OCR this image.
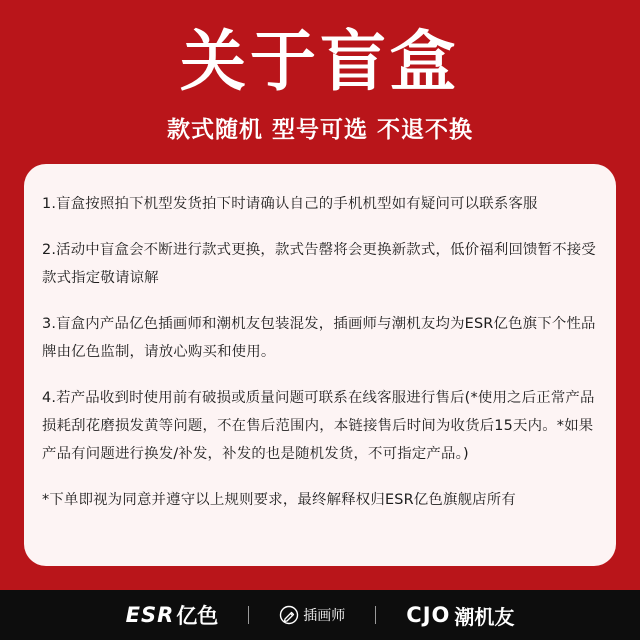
关于盲盒
款式随机 型号可选 不退不换

1.盲盒按照拍下机型发货拍下时请确认自己的手机机型如有疑问可以联系客服

2.活动中盲盒会不断进行款式更换，款式告罄将会更换新款式，低价福利回馈暂不接受款式指定敬请谅解

3.盲盒内产品亿色插画师和潮机友包装混发，插画师与潮机友均为ESR亿色旗下个性品牌由亿色监制，请放心购买和使用。

4.若产品收到时使用前有破损或质量问题可联系在线客服进行售后(*使用之后正常产品损耗刮花磨损发黄等问题，不在售后范围内，本链接售后时间为收货后15天内。*如果产品有问题进行换发/补发，补发的也是随机发货，不可指定产品。)

*下单即视为同意并遵守以上规则要求，最终解释权归ESR亿色旗舰店所有

ESR 亿色	插画师	CJO 潮机友
